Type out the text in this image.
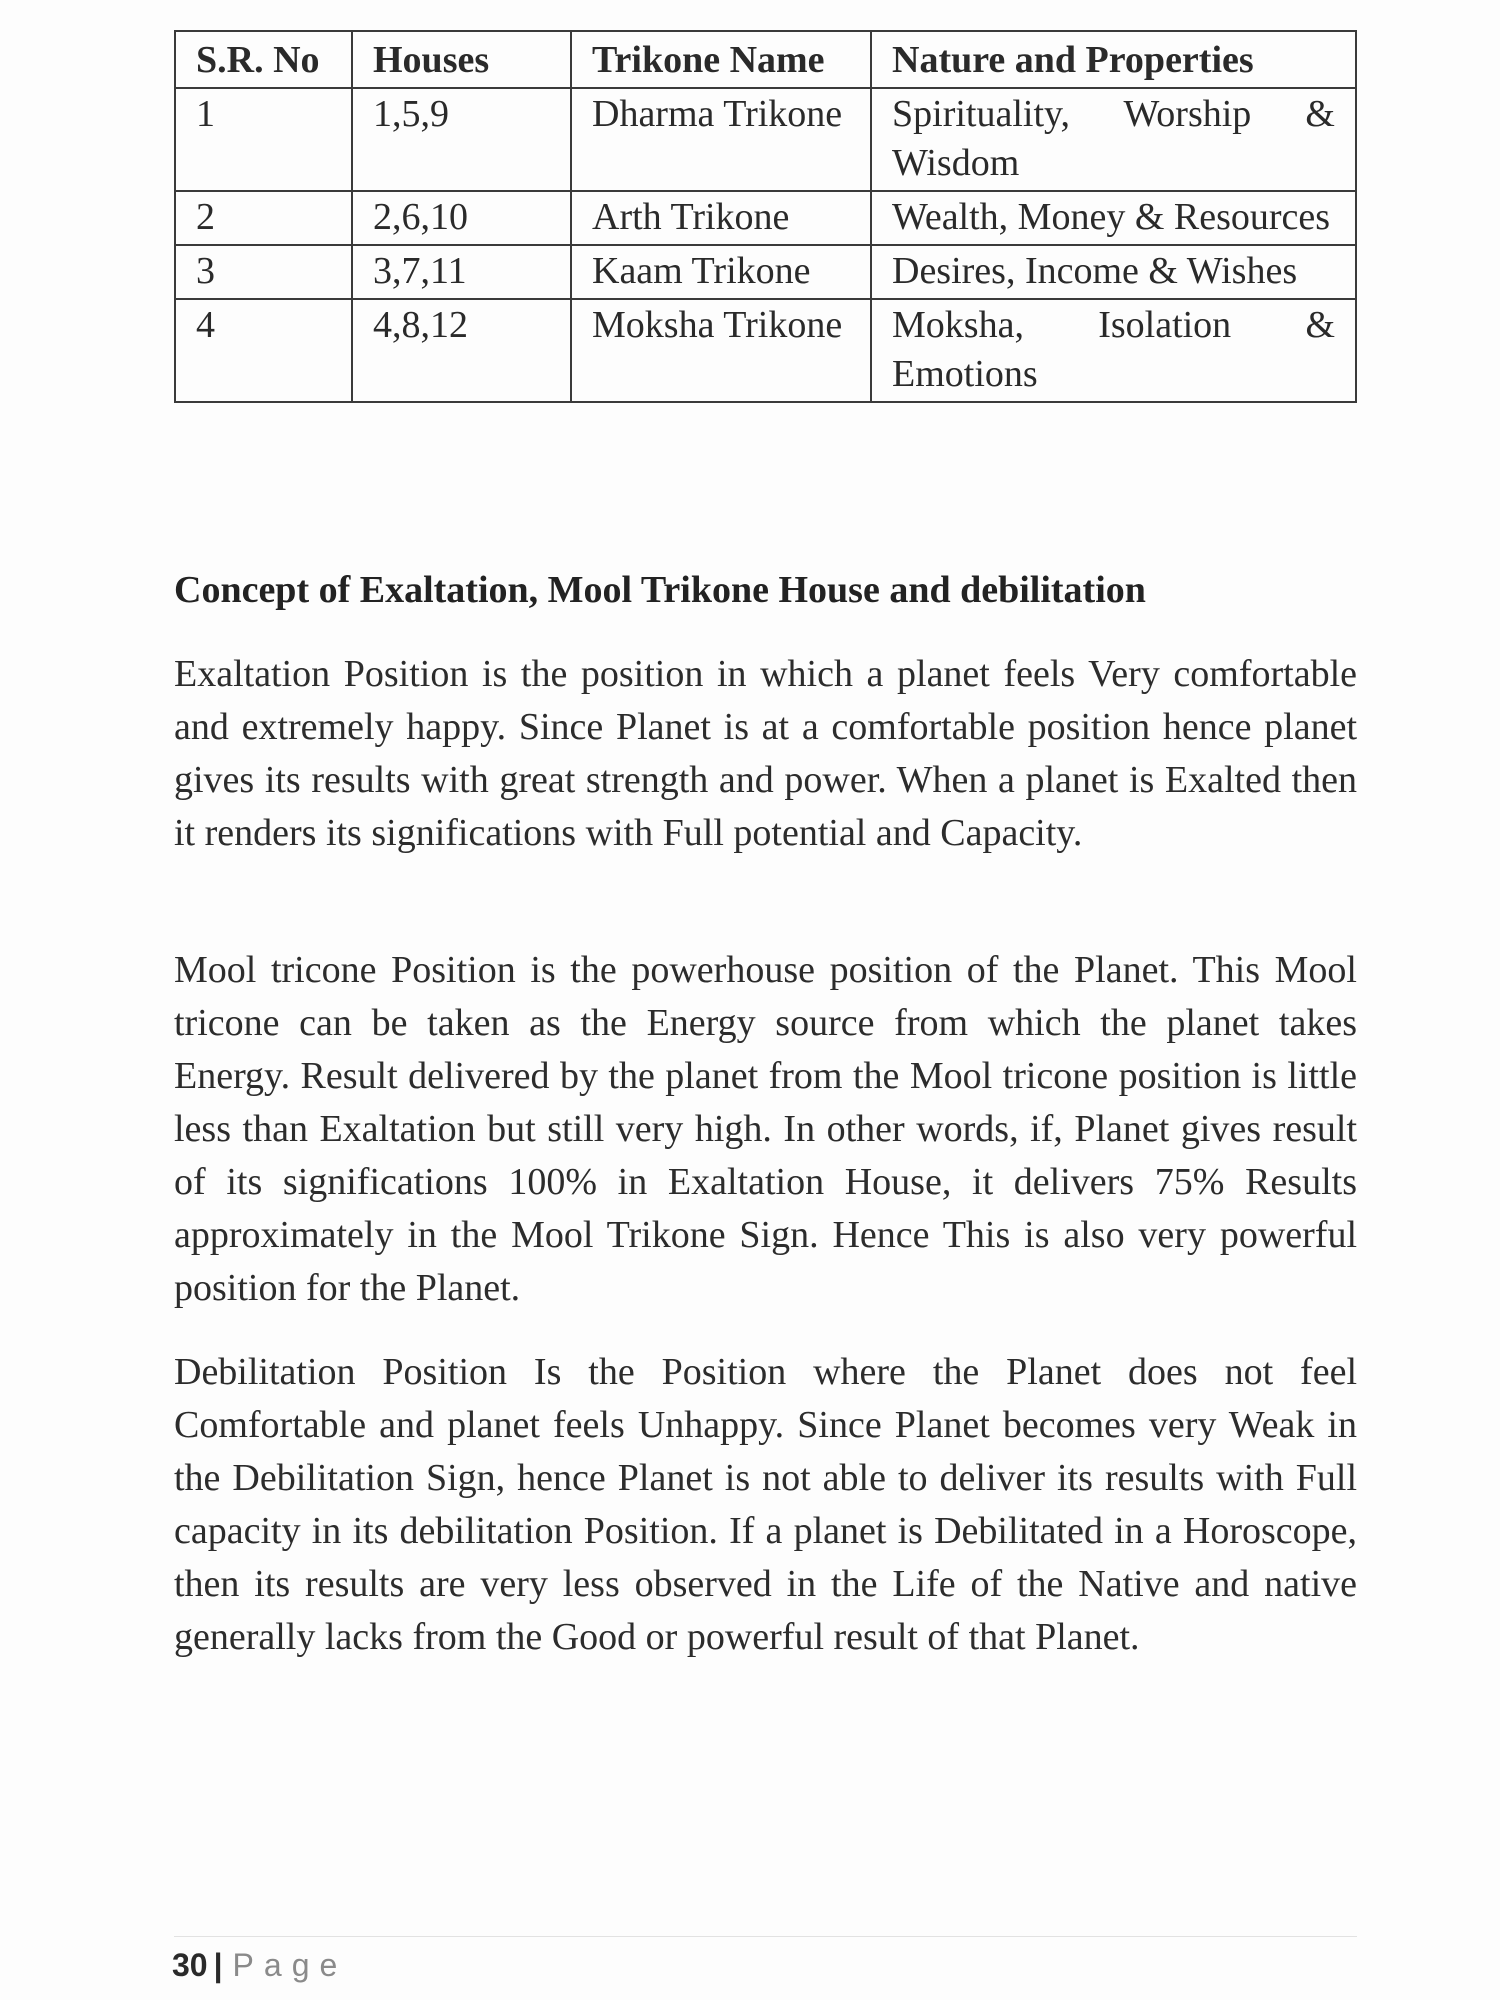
S.R. No	Houses	Trikone Name	Nature and Properties
1	1,5,9	Dharma Trikone	Spirituality, Worship & Wisdom
2	2,6,10	Arth Trikone	Wealth, Money & Resources
3	3,7,11	Kaam Trikone	Desires, Income & Wishes
4	4,8,12	Moksha Trikone	Moksha, Isolation & Emotions
Concept of Exaltation, Mool Trikone House and debilitation

Exaltation Position is the position in which a planet feels Very comfortable and extremely happy. Since Planet is at a comfortable position hence planet gives its results with great strength and power. When a planet is Exalted then it renders its significations with Full potential and Capacity.

Mool tricone Position is the powerhouse position of the Planet. This Mool tricone can be taken as the Energy source from which the planet takes Energy. Result delivered by the planet from the Mool tricone position is little less than Exaltation but still very high. In other words, if, Planet gives result of its significations 100% in Exaltation House, it delivers 75% Results approximately in the Mool Trikone Sign. Hence This is also very powerful position for the Planet.

Debilitation Position Is the Position where the Planet does not feel Comfortable and planet feels Unhappy. Since Planet becomes very Weak in the Debilitation Sign, hence Planet is not able to deliver its results with Full capacity in its debilitation Position. If a planet is Debilitated in a Horoscope, then its results are very less observed in the Life of the Native and native generally lacks from the Good or powerful result of that Planet.

30 | Page
